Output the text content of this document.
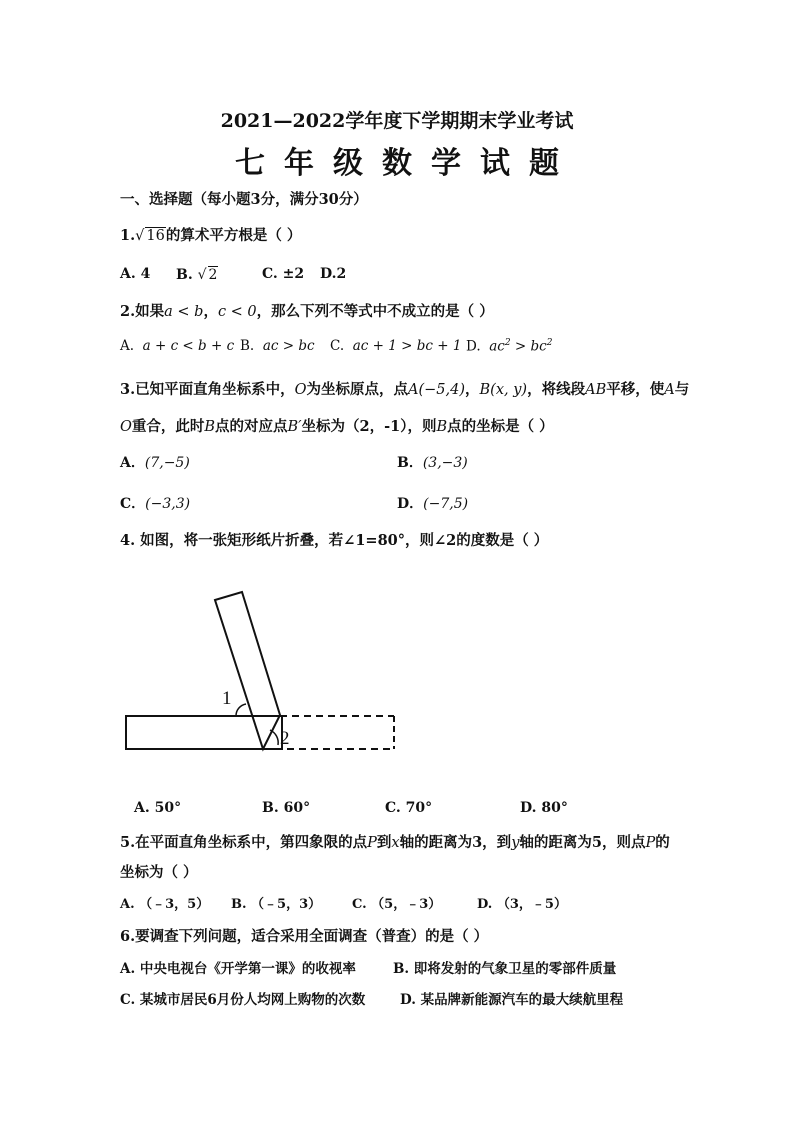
2021—2022学年度下学期期末学业考试
七年级数学试题
一、选择题（每小题3分，满分30分）
1.√ 16的算术平方根是（ ）
A. 4 B. √ 2	C. ±2 D.2
2.如果a < b，c < 0，那么下列不等式中不成立的是（ ）
A. a + c < b + c B. ac > bc C. ac + 1 > bc + 1 D. $ac^2 > bc^2$
3.已知平面直角坐标系中，O为坐标原点，点A(−5,4)，B(x, y)，将线段AB平移，使A与
O重合，此时B点的对应点B′坐标为（2，-1），则B点的坐标是（ ）
A．(7,−5)	B．(3,−3)
C．(−3,3)	D．(−7,5)
4. 如图，将一张矩形纸片折叠，若∠1=80°，则∠2的度数是（ ）
1
2
A. 50°	B. 60°	C. 70°	D. 80°
5.在平面直角坐标系中，第四象限的点P到x轴的距离为3，到y轴的距离为5，则点P的
坐标为（ ）
A. （﹣3，5） B. （﹣5，3） C. （5，﹣3）	D. （3，﹣5）
6.要调查下列问题，适合采用全面调查（普查）的是（ ）
A. 中央电视台《开学第一课》的收视率	B. 即将发射的气象卫星的零部件质量
C. 某城市居民6月份人均网上购物的次数	D. 某品牌新能源汽车的最大续航里程
